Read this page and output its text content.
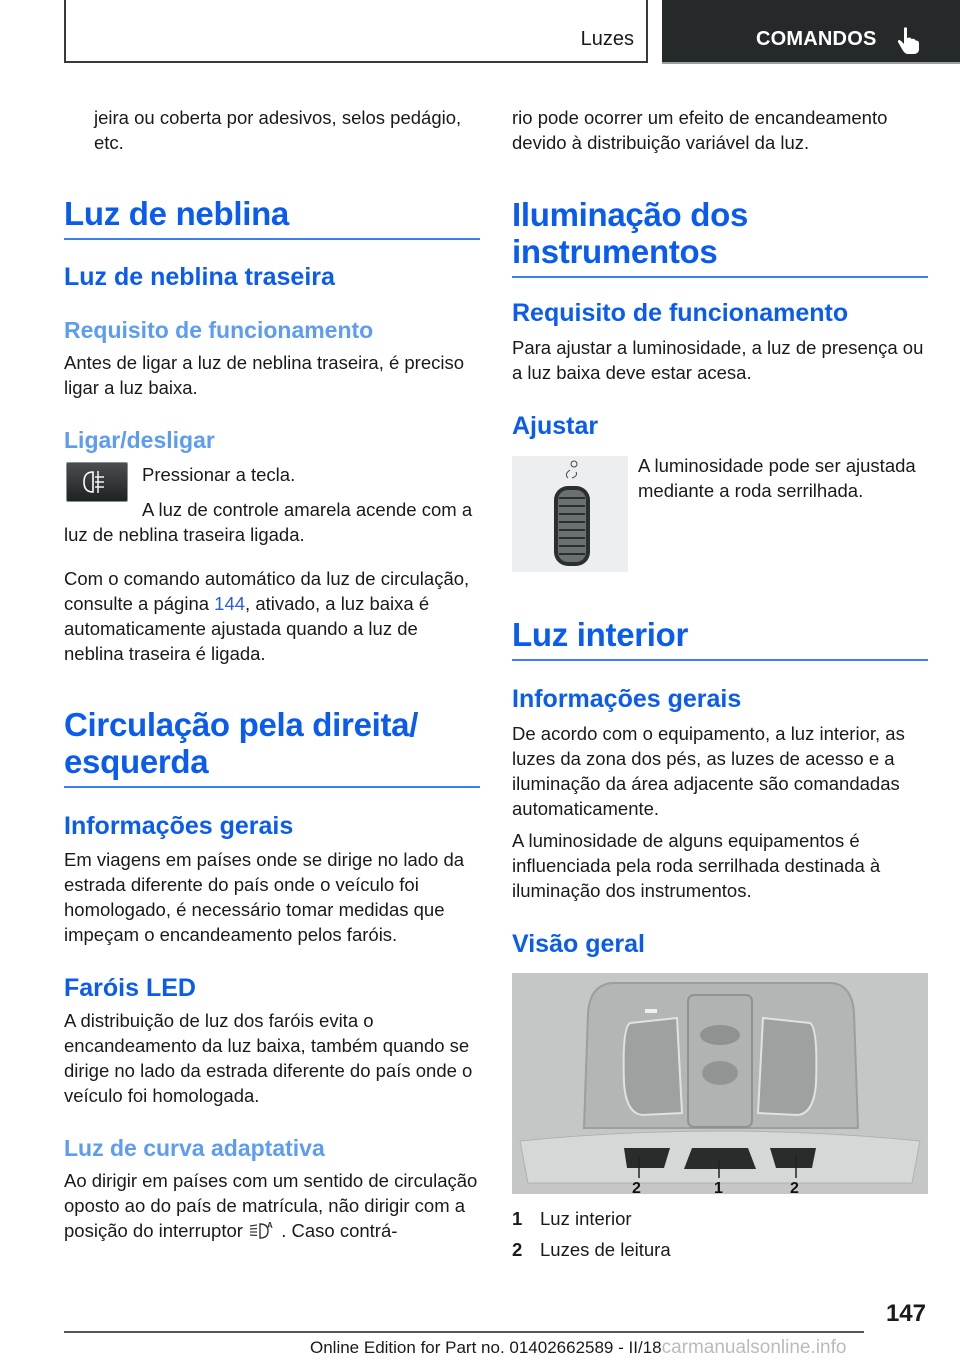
Luzes	COMANDOS

jeira ou coberta por adesivos, selos pedágio, etc.

Luz de neblina
Luz de neblina traseira
Requisito de funcionamento

Antes de ligar a luz de neblina traseira, é preciso ligar a luz baixa.

Ligar/desligar

Pressionar a tecla.

A luz de controle amarela acende com a luz de neblina traseira ligada.

Com o comando automático da luz de circulação, consulte a página 144, ativado, a luz baixa é automaticamente ajustada quando a luz de neblina traseira é ligada.

Circulação pela direita/ esquerda
Informações gerais

Em viagens em países onde se dirige no lado da estrada diferente do país onde o veículo foi homologado, é necessário tomar medidas que impeçam o encandeamento pelos faróis.

Faróis LED

A distribuição de luz dos faróis evita o encandeamento da luz baixa, também quando se dirige no lado da estrada diferente do país onde o veículo foi homologada.

Luz de curva adaptativa

Ao dirigir em países com um sentido de circulação oposto ao do país de matrícula, não dirigir com a posição do interruptor	A . Caso contrá-

rio pode ocorrer um efeito de encandeamento devido à distribuição variável da luz.

Iluminação dos instrumentos
Requisito de funcionamento

Para ajustar a luminosidade, a luz de presença ou a luz baixa deve estar acesa.

Ajustar

A luminosidade pode ser ajustada mediante a roda serrilhada.

Luz interior
Informações gerais

De acordo com o equipamento, a luz interior, as luzes da zona dos pés, as luzes de acesso e a iluminação da área adjacente são comandadas automaticamente.

A luminosidade de alguns equipamentos é influenciada pela roda serrilhada destinada à iluminação dos instrumentos.

Visão geral
2	1	2

1 Luz interior

2 Luzes de leitura

147
Online Edition for Part no. 01402662589 - II/18carmanualsonline.info
